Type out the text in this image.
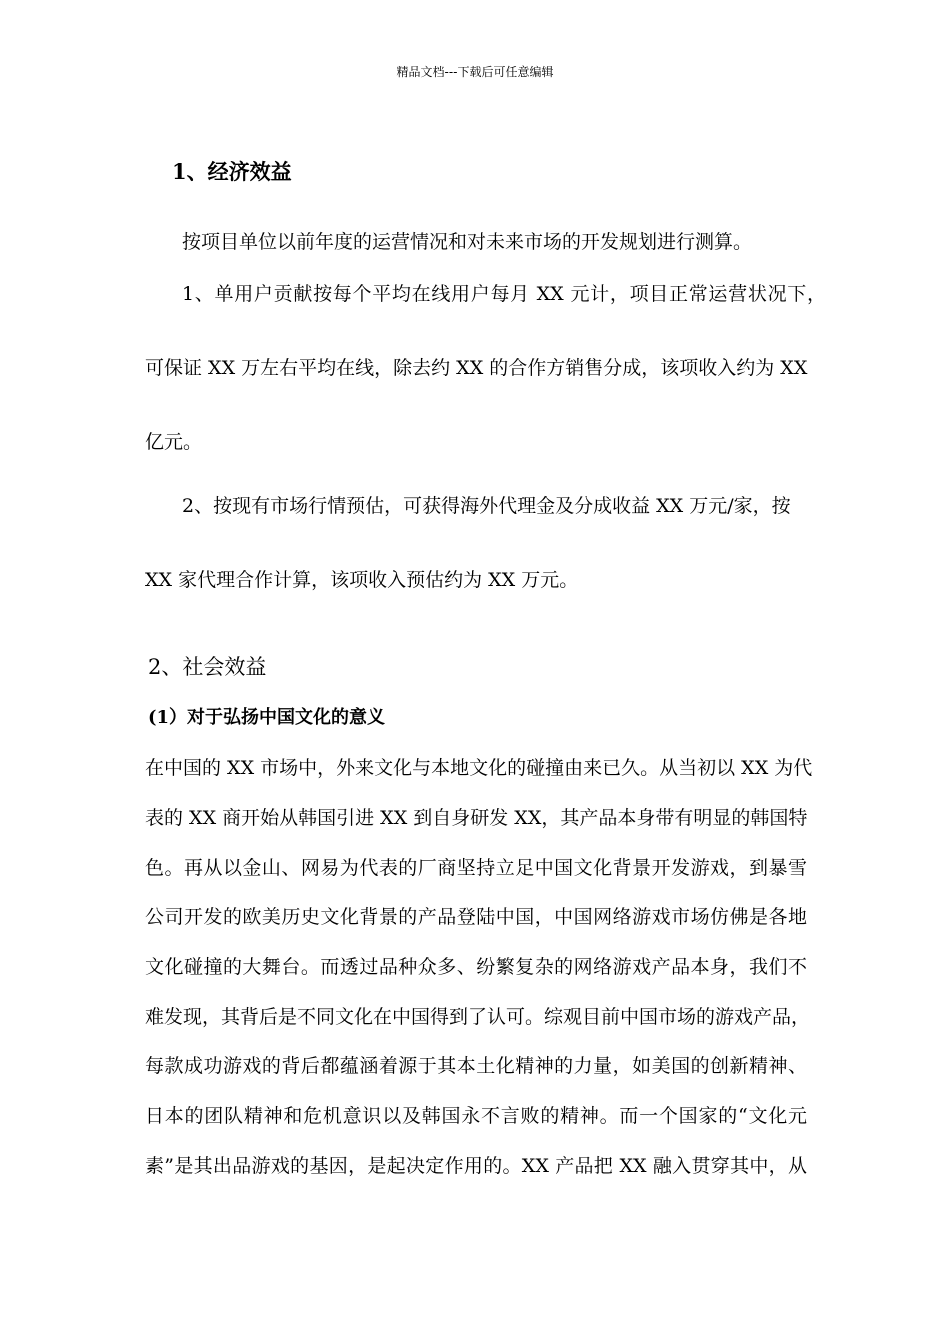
精品文档---下载后可任意编辑
1、经济效益
按项目单位以前年度的运营情况和对未来市场的开发规划进行测算。
1、单用户贡献按每个平均在线用户每月 XX 元计，项目正常运营状况下，
可保证 XX 万左右平均在线，除去约 XX 的合作方销售分成，该项收入约为 XX
亿元。
2、按现有市场行情预估，可获得海外代理金及分成收益 XX 万元/家，按
XX 家代理合作计算，该项收入预估约为 XX 万元。
2、社会效益
(1）对于弘扬中国文化的意义
在中国的 XX 市场中，外来文化与本地文化的碰撞由来已久。从当初以 XX 为代
表的 XX 商开始从韩国引进 XX 到自身研发 XX，其产品本身带有明显的韩国特
色。再从以金山、网易为代表的厂商坚持立足中国文化背景开发游戏，到暴雪
公司开发的欧美历史文化背景的产品登陆中国，中国网络游戏市场仿佛是各地
文化碰撞的大舞台。而透过品种众多、纷繁复杂的网络游戏产品本身，我们不
难发现，其背后是不同文化在中国得到了认可。综观目前中国市场的游戏产品，
每款成功游戏的背后都蕴涵着源于其本土化精神的力量，如美国的创新精神、
日本的团队精神和危机意识以及韩国永不言败的精神。而一个国家的“文化元
素”是其出品游戏的基因，是起决定作用的。XX 产品把 XX 融入贯穿其中，从
